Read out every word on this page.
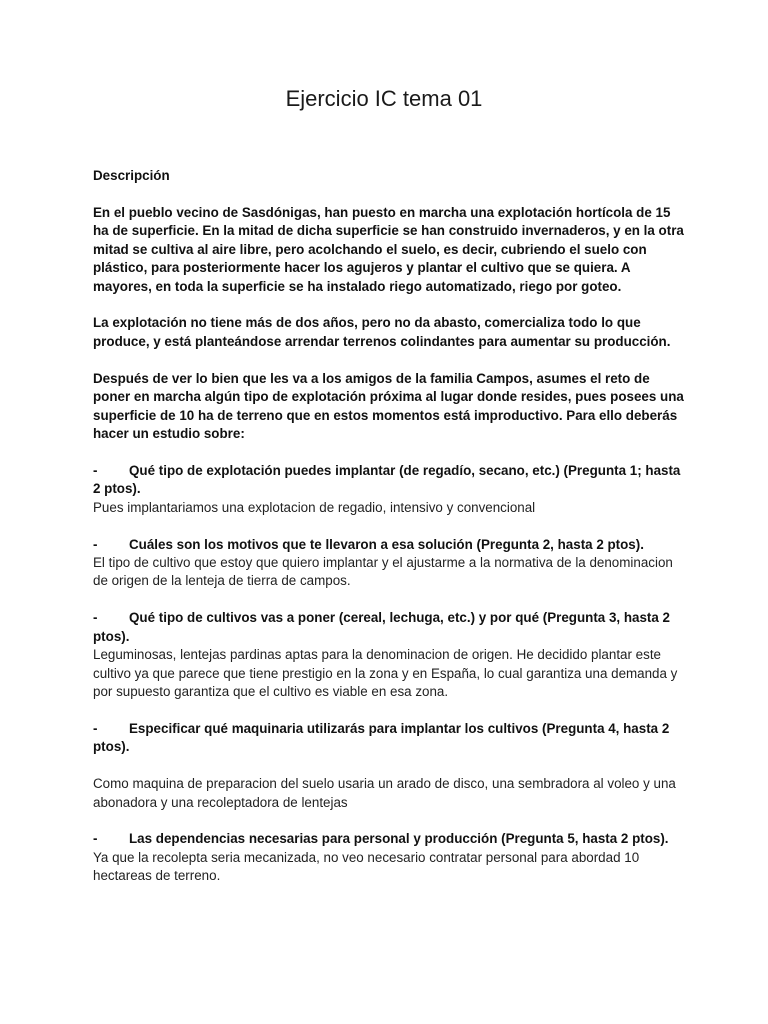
Ejercicio IC tema 01

Descripción

En el pueblo vecino de Sasdónigas, han puesto en marcha una explotación hortícola de 15 ha de superficie. En la mitad de dicha superficie se han construido invernaderos, y en la otra mitad se cultiva al aire libre, pero acolchando el suelo, es decir, cubriendo el suelo con plástico, para posteriormente hacer los agujeros y plantar el cultivo que se quiera. A mayores, en toda la superficie se ha instalado riego automatizado, riego por goteo.

La explotación no tiene más de dos años, pero no da abasto, comercializa todo lo que produce, y está planteándose arrendar terrenos colindantes para aumentar su producción.

Después de ver lo bien que les va a los amigos de la familia Campos, asumes el reto de poner en marcha algún tipo de explotación próxima al lugar donde resides, pues posees una superficie de 10 ha de terreno que en estos momentos está improductivo. Para ello deberás hacer un estudio sobre:

- Qué tipo de explotación puedes implantar (de regadío, secano, etc.) (Pregunta 1; hasta 2 ptos).

Pues implantariamos una explotacion de regadio, intensivo y convencional

- Cuáles son los motivos que te llevaron a esa solución (Pregunta 2, hasta 2 ptos).

El tipo de cultivo que estoy que quiero implantar y el ajustarme a la normativa de la denominacion de origen de la lenteja de tierra de campos.

- Qué tipo de cultivos vas a poner (cereal, lechuga, etc.) y por qué (Pregunta 3, hasta 2 ptos).

Leguminosas, lentejas pardinas aptas para la denominacion de origen. He decidido plantar este cultivo ya que parece que tiene prestigio en la zona y en España, lo cual garantiza una demanda y por supuesto garantiza que el cultivo es viable en esa zona.

- Especificar qué maquinaria utilizarás para implantar los cultivos (Pregunta 4, hasta 2 ptos).

Como maquina de preparacion del suelo usaria un arado de disco, una sembradora al voleo y una abonadora y una recoleptadora de lentejas

- Las dependencias necesarias para personal y producción (Pregunta 5, hasta 2 ptos).

Ya que la recolepta seria mecanizada, no veo necesario contratar personal para abordad 10 hectareas de terreno.
